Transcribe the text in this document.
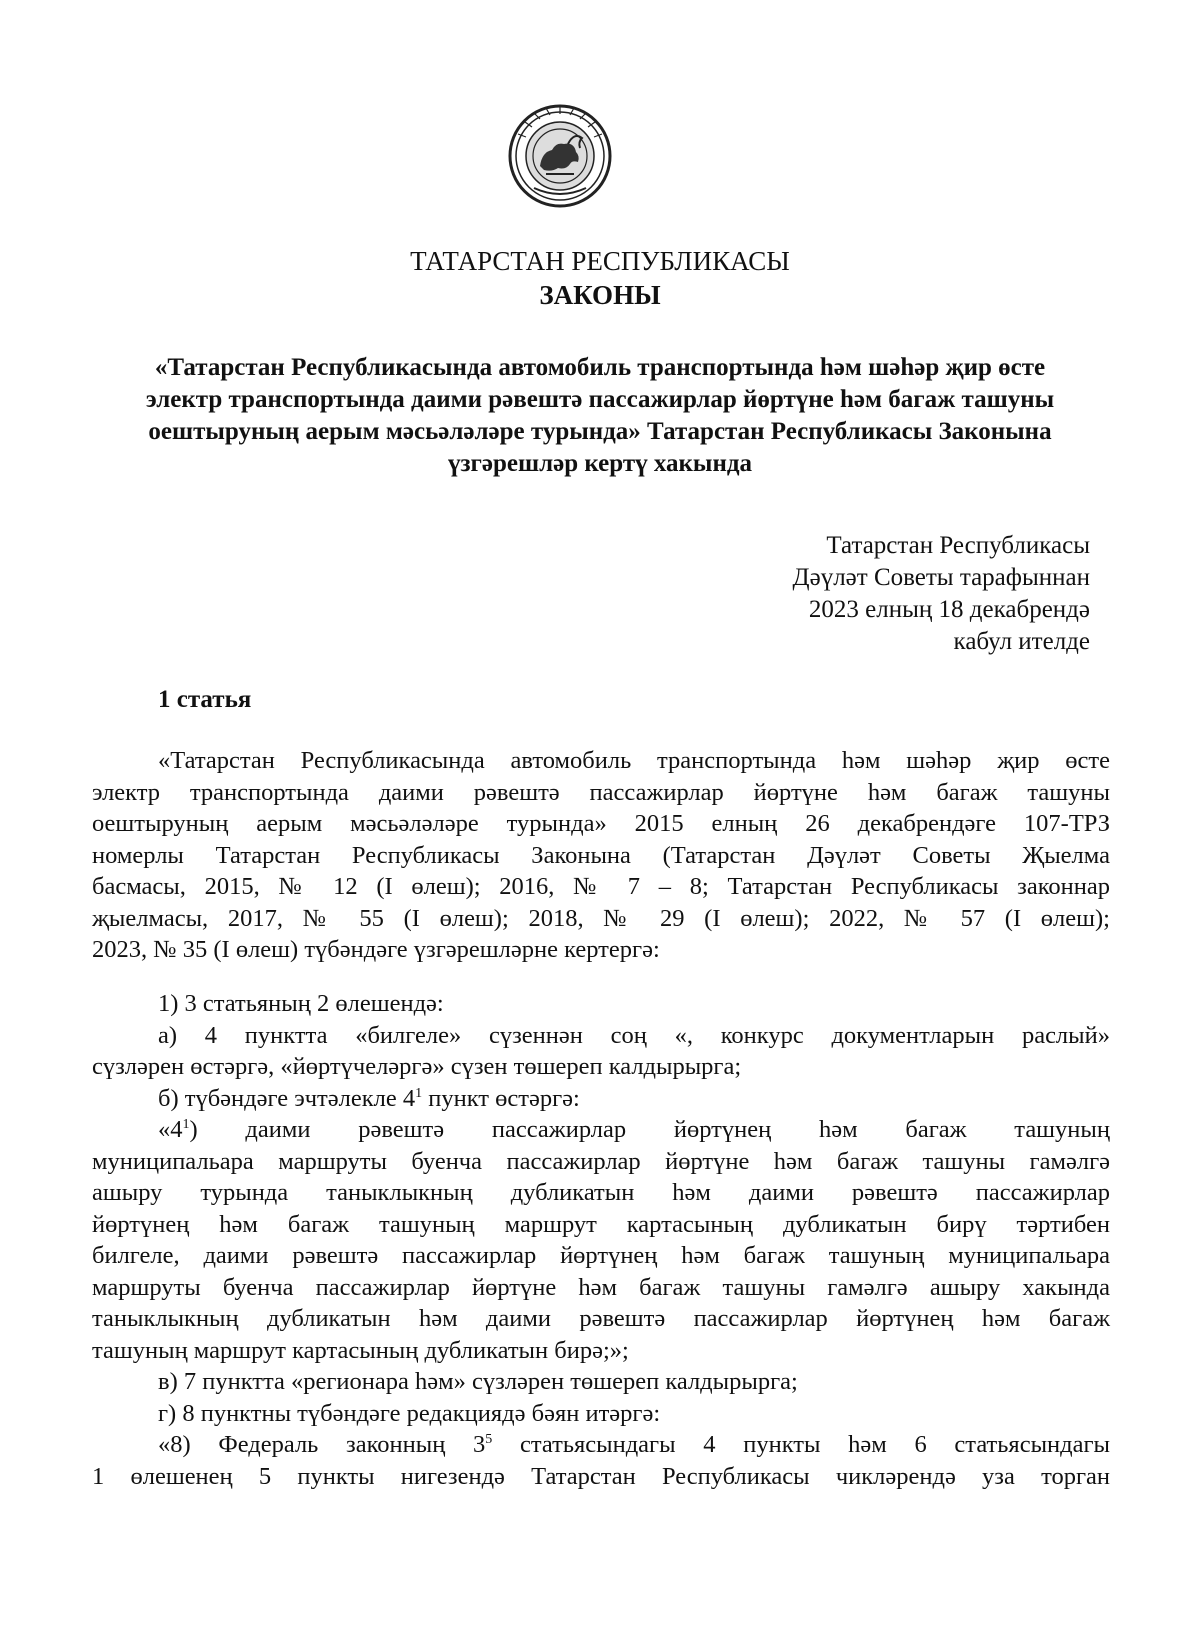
ТАТАРСТАН РЕСПУБЛИКАСЫ
ЗАКОНЫ
«Татарстан Республикасында автомобиль транспортында һәм шәһәр җир өсте
электр транспортында даими рәвештә пассажирлар йөртүне һәм багаж ташуны
оештыруның аерым мәсьәләләре турында» Татарстан Республикасы Законына
үзгәрешләр кертү хакында
Татарстан Республикасы
Дәүләт Советы тарафыннан
2023 елның 18 декабрендә
кабул ителде
1 статья
«Татарстан Республикасында автомобиль транспортында һәм шәһәр җир өсте
электр транспортында даими рәвештә пассажирлар йөртүне һәм багаж ташуны
оештыруның аерым мәсьәләләре турында» 2015 елның 26 декабрендәге 107-ТРЗ
номерлы Татарстан Республикасы Законына (Татарстан Дәүләт Советы Җыелма
басмасы, 2015, № 12 (I өлеш); 2016, № 7 – 8; Татарстан Республикасы законнар
җыелмасы, 2017, № 55 (I өлеш); 2018, № 29 (I өлеш); 2022, № 57 (I өлеш);
2023, № 35 (I өлеш) түбәндәге үзгәрешләрне кертергә:
1) 3 статьяның 2 өлешендә:
а) 4 пунктта «билгеле» сүзеннән соң «, конкурс документларын раслый»
сүзләрен өстәргә, «йөртүчеләргә» сүзен төшереп калдырырга;
б) түбәндәге эчтәлекле $4^1$ пункт өстәргә:
«$4^1$) даими рәвештә пассажирлар йөртүнең һәм багаж ташуның
муниципальара маршруты буенча пассажирлар йөртүне һәм багаж ташуны гамәлгә
ашыру турында таныклыкның дубликатын һәм даими рәвештә пассажирлар
йөртүнең һәм багаж ташуның маршрут картасының дубликатын бирү тәртибен
билгеле, даими рәвештә пассажирлар йөртүнең һәм багаж ташуның муниципальара
маршруты буенча пассажирлар йөртүне һәм багаж ташуны гамәлгә ашыру хакында
таныклыкның дубликатын һәм даими рәвештә пассажирлар йөртүнең һәм багаж
ташуның маршрут картасының дубликатын бирә;»;
в) 7 пунктта «регионара һәм» сүзләрен төшереп калдырырга;
г) 8 пунктны түбәндәге редакциядә бәян итәргә:
«8) Федераль законның $3^5$ статьясындагы 4 пункты һәм 6 статьясындагы
1 өлешенең 5 пункты нигезендә Татарстан Республикасы чикләрендә уза торган
